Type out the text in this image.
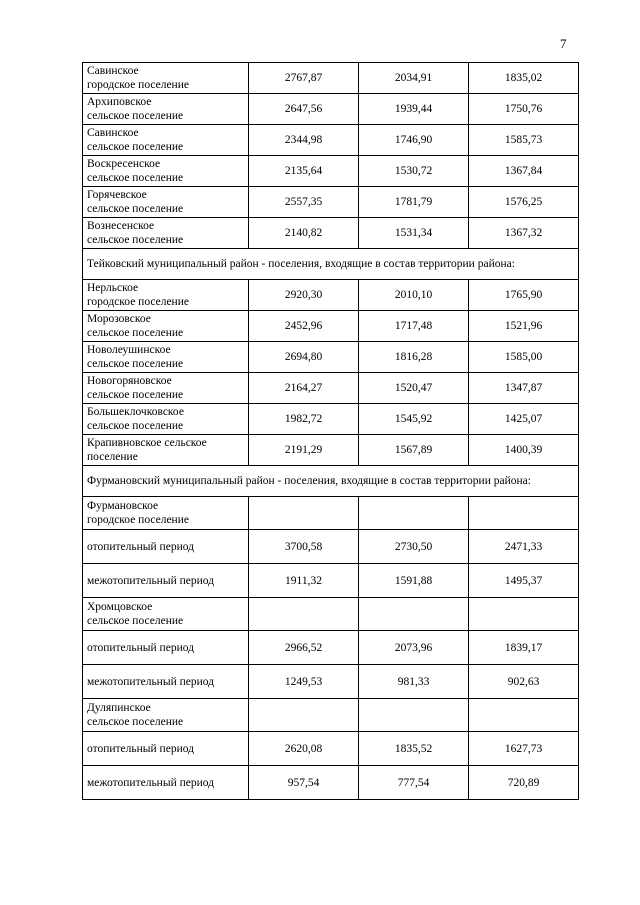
7
Савинское
городское поселение	2767,87	2034,91	1835,02

Архиповское
сельское поселение	2647,56	1939,44	1750,76

Савинское
сельское поселение	2344,98	1746,90	1585,73

Воскресенское
сельское поселение	2135,64	1530,72	1367,84

Горячевское
сельское поселение	2557,35	1781,79	1576,25

Вознесенское
сельское поселение	2140,82	1531,34	1367,32
Тейковский муниципальный район - поселения, входящие в состав территории района:			

Нерльское
городское поселение	2920,30	2010,10	1765,90

Морозовское
сельское поселение	2452,96	1717,48	1521,96

Новолеушинское
сельское поселение	2694,80	1816,28	1585,00

Новогоряновское
сельское поселение	2164,27	1520,47	1347,87

Большеклочковское
сельское поселение	1982,72	1545,92	1425,07

Крапивновское сельское
поселение	2191,29	1567,89	1400,39
Фурмановский муниципальный район - поселения, входящие в состав территории района:			

Фурмановское
городское поселение			

отопительный период	3700,58	2730,50	2471,33
межотопительный период	1911,32	1591,88	1495,37

Хромцовское
сельское поселение			

отопительный период	2966,52	2073,96	1839,17
межотопительный период	1249,53	981,33	902,63

Дуляпинское
сельское поселение			

отопительный период	2620,08	1835,52	1627,73
межотопительный период	957,54	777,54	720,89
